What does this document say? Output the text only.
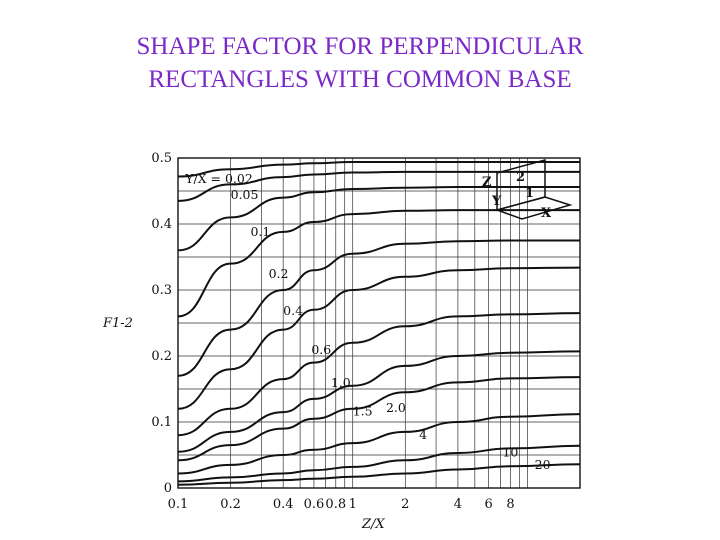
SHAPE FACTOR FOR PERPENDICULAR
RECTANGLES WITH COMMON BASE
Y/X = 0.02
0.05
0.1
0.2
0.4
0.6
1.0
1.5 2.0
4
10
20
0.1 0.2 0.4 0.6 0.8 1	2	4 6 8
0
0.1
0.2
0.3
0.4
0.5
Z/X
F1-2
2
1
Z
Y
X
